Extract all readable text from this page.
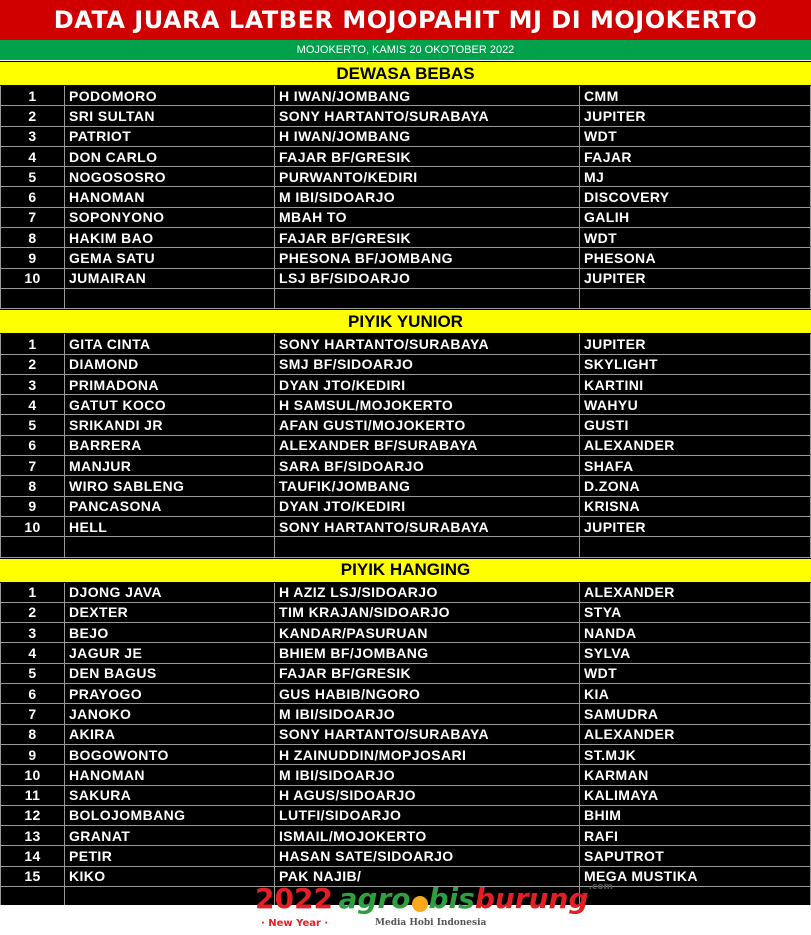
DATA JUARA LATBER MOJOPAHIT MJ DI MOJOKERTO
MOJOKERTO, KAMIS 20 OKOTOBER 2022
DEWASA BEBAS
1	PODOMORO	H IWAN/JOMBANG	CMM
2	SRI SULTAN	SONY HARTANTO/SURABAYA	JUPITER
3	PATRIOT	H IWAN/JOMBANG	WDT
4	DON CARLO	FAJAR BF/GRESIK	FAJAR
5	NOGOSOSRO	PURWANTO/KEDIRI	MJ
6	HANOMAN	M IBI/SIDOARJO	DISCOVERY
7	SOPONYONO	MBAH TO	GALIH
8	HAKIM BAO	FAJAR BF/GRESIK	WDT
9	GEMA SATU	PHESONA BF/JOMBANG	PHESONA
10	JUMAIRAN	LSJ BF/SIDOARJO	JUPITER
PIYIK YUNIOR
1	GITA CINTA	SONY HARTANTO/SURABAYA	JUPITER
2	DIAMOND	SMJ BF/SIDOARJO	SKYLIGHT
3	PRIMADONA	DYAN JTO/KEDIRI	KARTINI
4	GATUT KOCO	H SAMSUL/MOJOKERTO	WAHYU
5	SRIKANDI JR	AFAN GUSTI/MOJOKERTO	GUSTI
6	BARRERA	ALEXANDER BF/SURABAYA	ALEXANDER
7	MANJUR	SARA BF/SIDOARJO	SHAFA
8	WIRO SABLENG	TAUFIK/JOMBANG	D.ZONA
9	PANCASONA	DYAN JTO/KEDIRI	KRISNA
10	HELL	SONY HARTANTO/SURABAYA	JUPITER
PIYIK HANGING
1	DJONG JAVA	H AZIZ LSJ/SIDOARJO	ALEXANDER
2	DEXTER	TIM KRAJAN/SIDOARJO	STYA
3	BEJO	KANDAR/PASURUAN	NANDA
4	JAGUR JE	BHIEM BF/JOMBANG	SYLVA
5	DEN BAGUS	FAJAR BF/GRESIK	WDT
6	PRAYOGO	GUS HABIB/NGORO	KIA
7	JANOKO	M IBI/SIDOARJO	SAMUDRA
8	AKIRA	SONY HARTANTO/SURABAYA	ALEXANDER
9	BOGOWONTO	H ZAINUDDIN/MOPJOSARI	ST.MJK
10	HANOMAN	M IBI/SIDOARJO	KARMAN
11	SAKURA	H AGUS/SIDOARJO	KALIMAYA
12	BOLOJOMBANG	LUTFI/SIDOARJO	BHIM
13	GRANAT	ISMAIL/MOJOKERTO	RAFI
14	PETIR	HASAN SATE/SIDOARJO	SAPUTROT
15	KIKO	PAK NAJIB/	MEGA MUSTIKA
2022 agro bisburung$^{.com}$
· New Year ·	Media Hobi Indonesia
